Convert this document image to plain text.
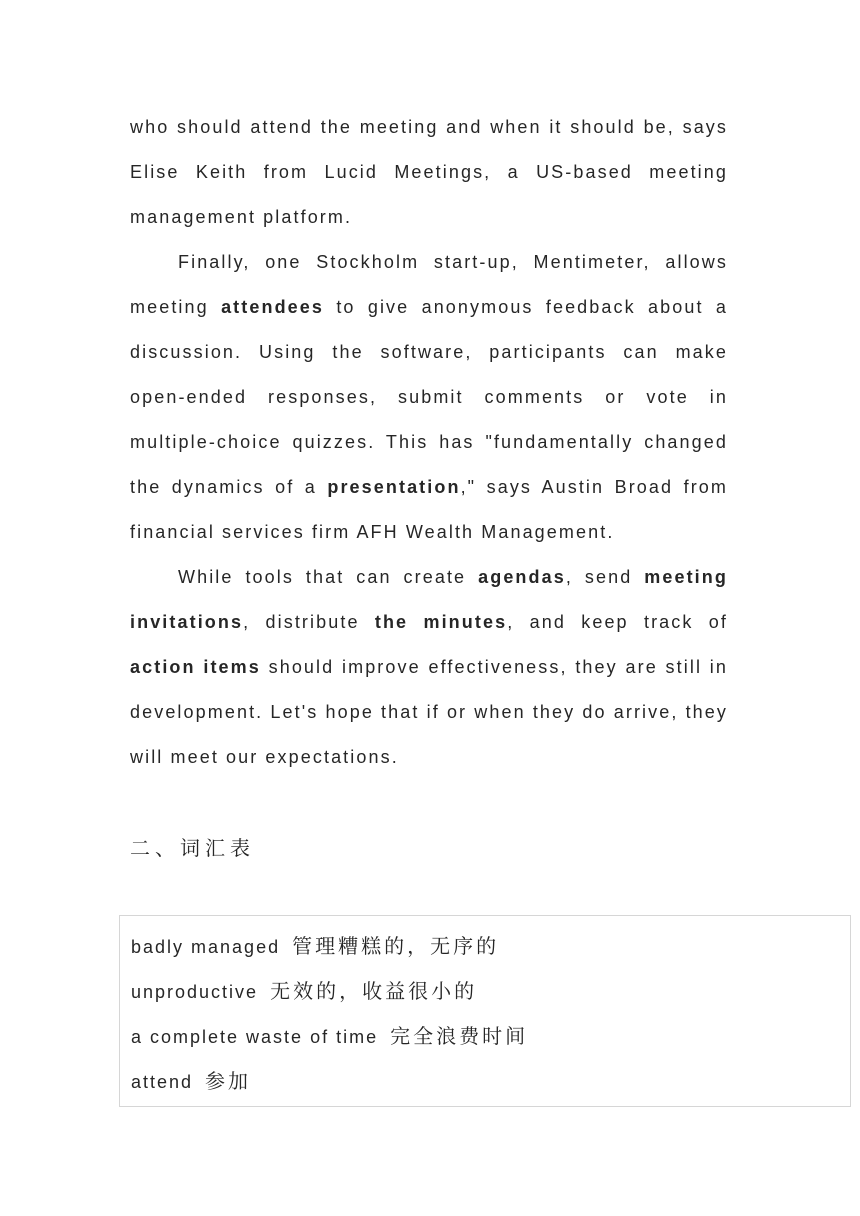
who should attend the meeting and when it should be, says Elise Keith from Lucid Meetings, a US-based meeting management platform.

Finally, one Stockholm start-up, Mentimeter, allows meeting attendees to give anonymous feedback about a discussion. Using the software, participants can make open-ended responses, submit comments or vote in multiple-choice quizzes. This has "fundamentally changed the dynamics of a presentation," says Austin Broad from financial services firm AFH Wealth Management.

While tools that can create agendas, send meeting invitations, distribute the minutes, and keep track of action items should improve effectiveness, they are still in development. Let's hope that if or when they do arrive, they will meet our expectations.

二、词汇表
badly managed 管理糟糕的，无序的
unproductive 无效的，收益很小的
a complete waste of time 完全浪费时间
attend 参加
